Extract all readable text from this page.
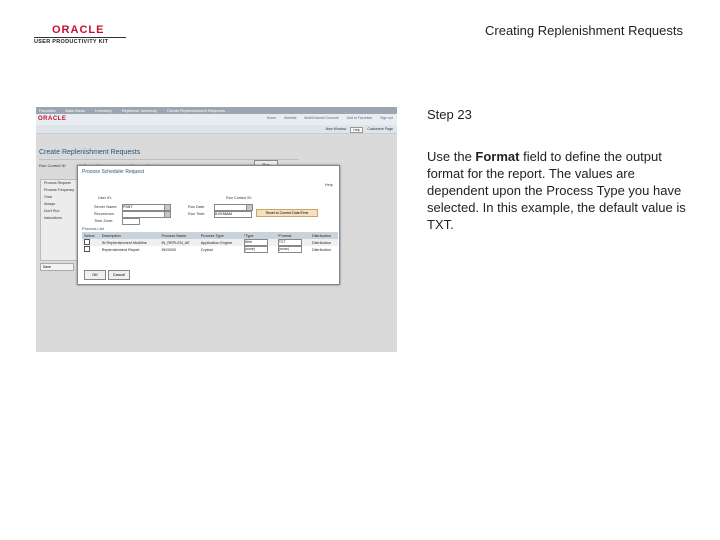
ORACLE
USER PRODUCTIVITY KIT
Creating Replenishment Requests
Step 23
Use the Format field to define the output format for the report. The values are dependent upon the Process Type you have selected. In this example, the default value is TXT.
Favorites	Main Menu	Inventory	Replenish Inventory	Create Replenishment Requests
ORACLE	Home Worklist MultiChannel Console Add to Favorites Sign out
New Window	Help	Customize Page
Create Replenishment Requests
Run Control ID
Process Request
Process Frequency
Once
Always
Don't Run
Instructions
Save
Process Scheduler Request
Help
User ID:	Run Control ID:
Server Name: PSNT	Run Date:
Recurrence:	Run Time:	8:29:56AM	Reset to Current Date/Time
Time Zone:
Process List
Select	Description	Process Name	Process Type	*Type	*Format	Distribution
	IN Replenishment Multiline	IN_REPLEN_AE	Application Engine	Web	TXT	Distribution
	Replenishment Report	INS0200	Crystal	(none)	(none)	Distribution
OK	Cancel
